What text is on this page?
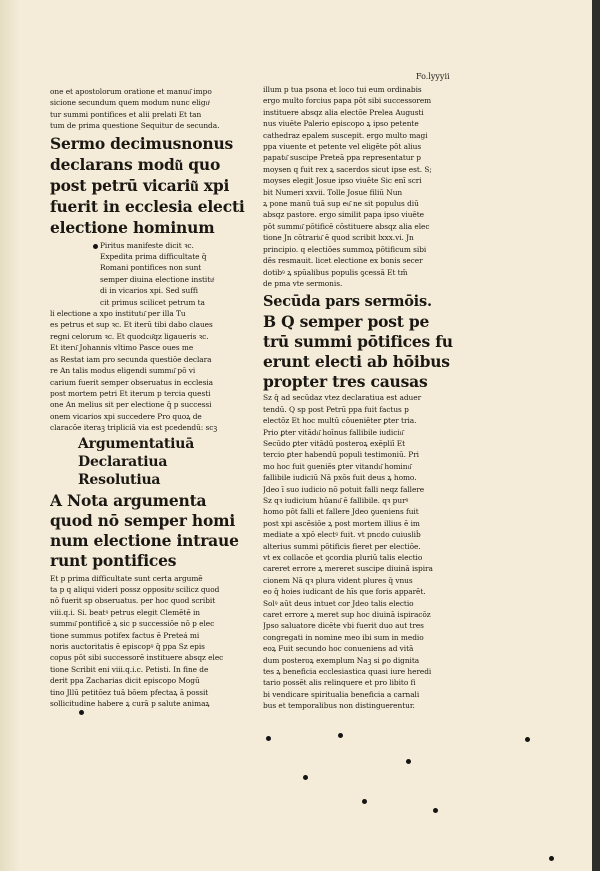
Fo.lyyyii
one et apostolorum oratione et manuu͂ impo
sicione secundum quem modum nunc eliguͭ
tur summi pontifices et alii prelati Et tan
tum de prima questione Sequitur de secunda.
Sermo decimusnonus
declarans modu͂ quo
post petrū vicariu͂ xpi
fuerit in ecclesia electi
electione hominum
Piritus manifeste dicit ꝛc.
Expedita prima difficultate q̄
Romani pontifices non sunt
semper diuina electione instituͭ
di in vicarios xpi. Sed suffi
cit primus scilicet petrum ta
li electione a xpo institutu͂ per illa Tu
es petrus et sup ꝛc. Et iterū tibi dabo claues
regni celorum ꝛc. Et quodcu͂qz ligaueris ꝛc.
Et iteru͂ Johannis vltimo Pasce oues me
as Restat iam pro secunda questiōe declara
re An talis modus eligendi summu͂ pō vi
carium fuerit semper obseruatus in ecclesia
post mortem petri Et iterum p tercia questi
one An melius sit per electione q̄ p successi
onem vicarios xpi succedere Pro quoꝝ de
claracōe iteraꝫ tripliciā via est pcedendū: scꝫ
Argumentatiuā
Declaratiua
Resolutiua
A Nota argumenta
quod nō semper homi
num electione intraue
runt pontifices
Et p prima difficultate sunt certa argumē
ta p q aliqui videri possz opposituͥ scilicz quod
nō fuerit sp obseruatus. per hoc quod scribit
viii.q.i. Si. beatꝰ petrus elegit Clemētē in
summu͂ pontificē ꝝ sic p successiōe nō p elec
tione summus potifex factus ē Preteá mi
noris auctoritatis ē episcopꝰ q̄ ppa Sz epis
copus pōt sibi successorē instituere absqz elec
tione Scribit eni viii.q.i.c. Petisti. In fine de
derit ppa Zacharias dicit episcopo Mogū
tino Jllū petitōez tuā bōem pfectaꝝ ā possit
sollicitudine habere ꝝ curā p salute animaꝝ
illum p tua psona et loco tui eum ordinabis
ergo multo forcius papa pōt sibi successorem
instituere absqz alia electōe Prelea Augusti
nus viuēte Palerio episcopo ꝝ ipso petente
cathedraz epalem suscepit. ergo multo magi
ppa viuente et petente vel eligēte pōt alius
papatu͂ suscipe Preteā ppa representatur p
moysen q fuit rex ꝝ sacerdos sicut ipse est. S;
moyses elegit Josue ipso viuēte Sic enī scri
bit Numeri xxvii. Tolle Josue filiū Nun
ꝝ pone manū tuā sup eu͂ ne sit populus diū
absqz pastore. ergo similit papa ipso viuēte
pōt summu͂ pōtificē cōstituere absqz alia elec
tione Jn cōtrariu͂ ē quod scribit lxxx.vi. Jn
principio. q electiōes summoꝝ pōtificum sibi
dēs resmauit. licet electione ex bonis secer
dotibꝰ ꝝ spūalibus populis ꝯcessā Et tm̄
de pma vte sermonis.
Secūda pars sermōis.
B Q semper post pe
trū summi pōtifices fu
erunt electi ab hōibus
propter tres causas
Sz q̄ ad secūdaz vtez declaratiua est aduer
tendū. Q sp post Petrū ppa fuit factus p
electōz Et hoc multū cōueniēter ꝑter tria.
Prio ꝑter vitādu͂ hoīnus fallibile iudiciu͂
Secūdo ꝑter vitādū posteroꝝ exēpliī Et
tercio ꝑter habendū populi testimoniū. Pri
mo hoc fuit ꝯueniēs ꝑter vitandu͂ hominu͂
fallibile iudiciū Nā pxōs fuit deus ꝝ homo.
Jdeo ī suo iudicio nō potuit falli neqz fallere
Sz qꝛ iudicium hūanu͂ ē fallibile. qꝛ purꝰ
homo pōt falli et fallere Jdeo ꝯueniens fuit
post xpi ascēsiōe ꝝ post mortem illius ē im
mediate a xpō electꝰ fuit. vt pncdo cuiusliḃ
alterius summi pōtificis fieret per electiōe.
vt ex collacōe et ꝯcordia pluriū talis electio
careret errore ꝝ mereret suscipe diuinā ispira
cionem Nā qꝛ plura vident plures q̄ vnus
eo q̄ hoies iudicant de hīs que foris apparēt.
Solꝰ aūt deus intuet cor Jdeo talis electio
caret errore ꝝ meret sup hoc diuinā ispiracōz
Jpso saluatore dicēte vbi fuerit duo aut tres
congregati in nomine meo ibi sum in medio
eoꝝ Fuit secundo hoc conueniens ad vitā
dum posteroꝝ exemplum Naꝫ si ꝑo dignita
tes ꝝ beneficia ecclesiastica quasi iure heredi
tario possēt alis relinquere et pro libito fi
bi vendicare spiritualia beneficia a carnali
bus et temporalibus non distinguerentur.
